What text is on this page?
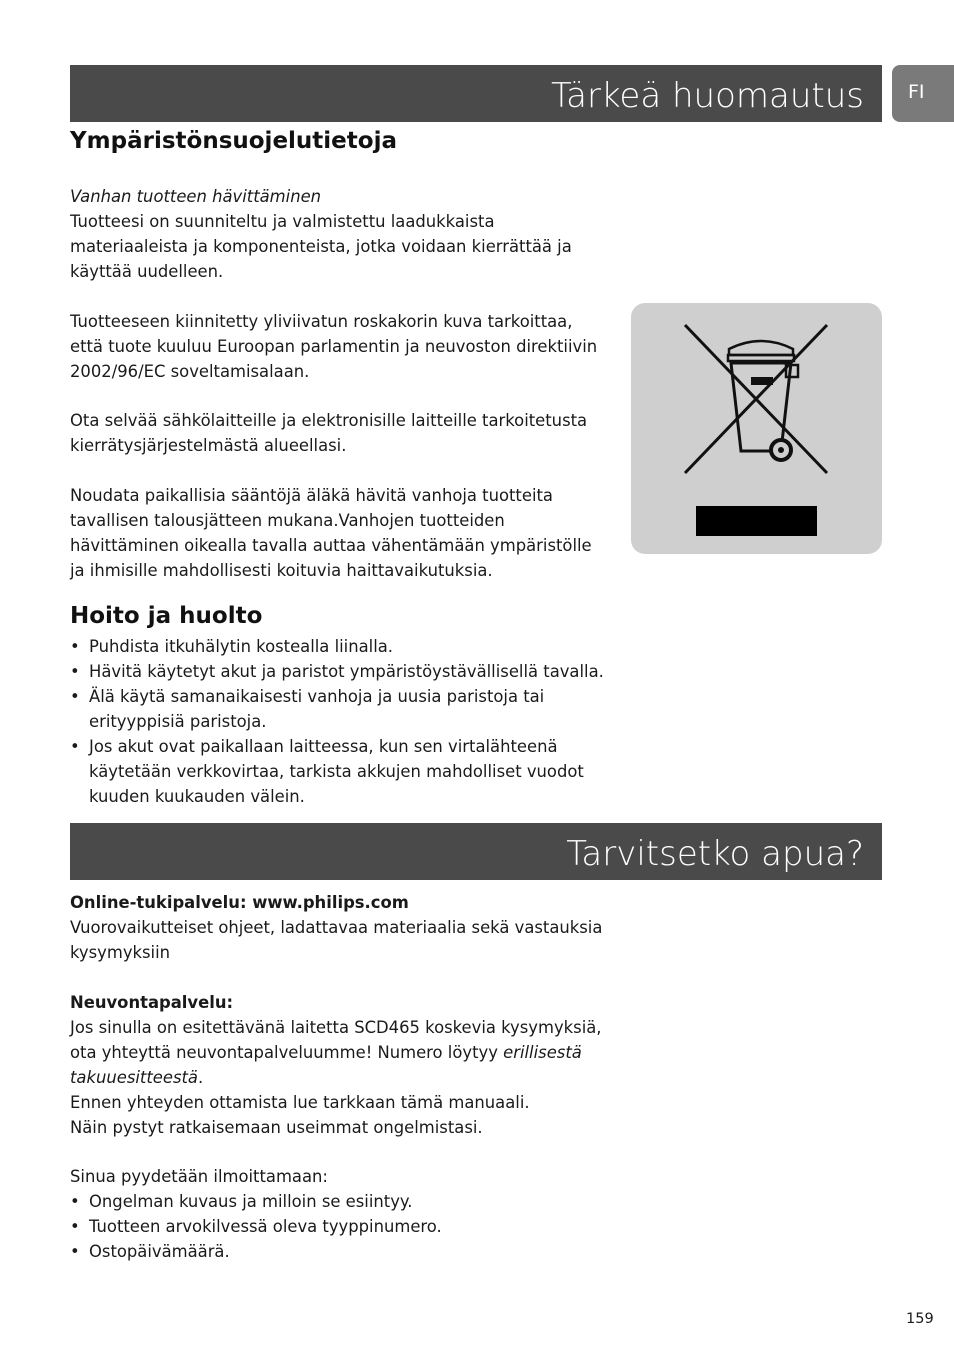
Tärkeä huomautus	FI
Ympäristönsuojelutietoja
Vanhan tuotteen hävittäminen
Tuotteesi on suunniteltu ja valmistettu laadukkaista materiaaleista ja komponenteista, jotka voidaan kierrättää ja käyttää uudelleen.
Tuotteeseen kiinnitetty yliviivatun roskakorin kuva tarkoittaa, että tuote kuuluu Euroopan parlamentin ja neuvoston direktiivin 2002/96/EC soveltamisalaan.
Ota selvää sähkölaitteille ja elektronisille laitteille tarkoitetusta kierrätysjärjestelmästä alueellasi.
Noudata paikallisia sääntöjä äläkä hävitä vanhoja tuotteita tavallisen talousjätteen mukana.Vanhojen tuotteiden hävittäminen oikealla tavalla auttaa vähentämään ympäristölle ja ihmisille mahdollisesti koituvia haittavaikutuksia.
Hoito ja huolto
• Puhdista itkuhälytin kostealla liinalla.
• Hävitä käytetyt akut ja paristot ympäristöystävällisellä tavalla.
• Älä käytä samanaikaisesti vanhoja ja uusia paristoja tai erityyppisiä paristoja.
• Jos akut ovat paikallaan laitteessa, kun sen virtalähteenä käytetään verkkovirtaa, tarkista akkujen mahdolliset vuodot kuuden kuukauden välein.
Tarvitsetko apua?
Online-tukipalvelu: www.philips.com
Vuorovaikutteiset ohjeet, ladattavaa materiaalia sekä vastauksia kysymyksiin
Neuvontapalvelu:
Jos sinulla on esitettävänä laitetta SCD465 koskevia kysymyksiä, ota yhteyttä neuvontapalveluumme! Numero löytyy erillisestä takuuesitteestä.
Ennen yhteyden ottamista lue tarkkaan tämä manuaali.
Näin pystyt ratkaisemaan useimmat ongelmistasi.
Sinua pyydetään ilmoittamaan:
• Ongelman kuvaus ja milloin se esiintyy.
• Tuotteen arvokilvessä oleva tyyppinumero.
• Ostopäivämäärä.
159
